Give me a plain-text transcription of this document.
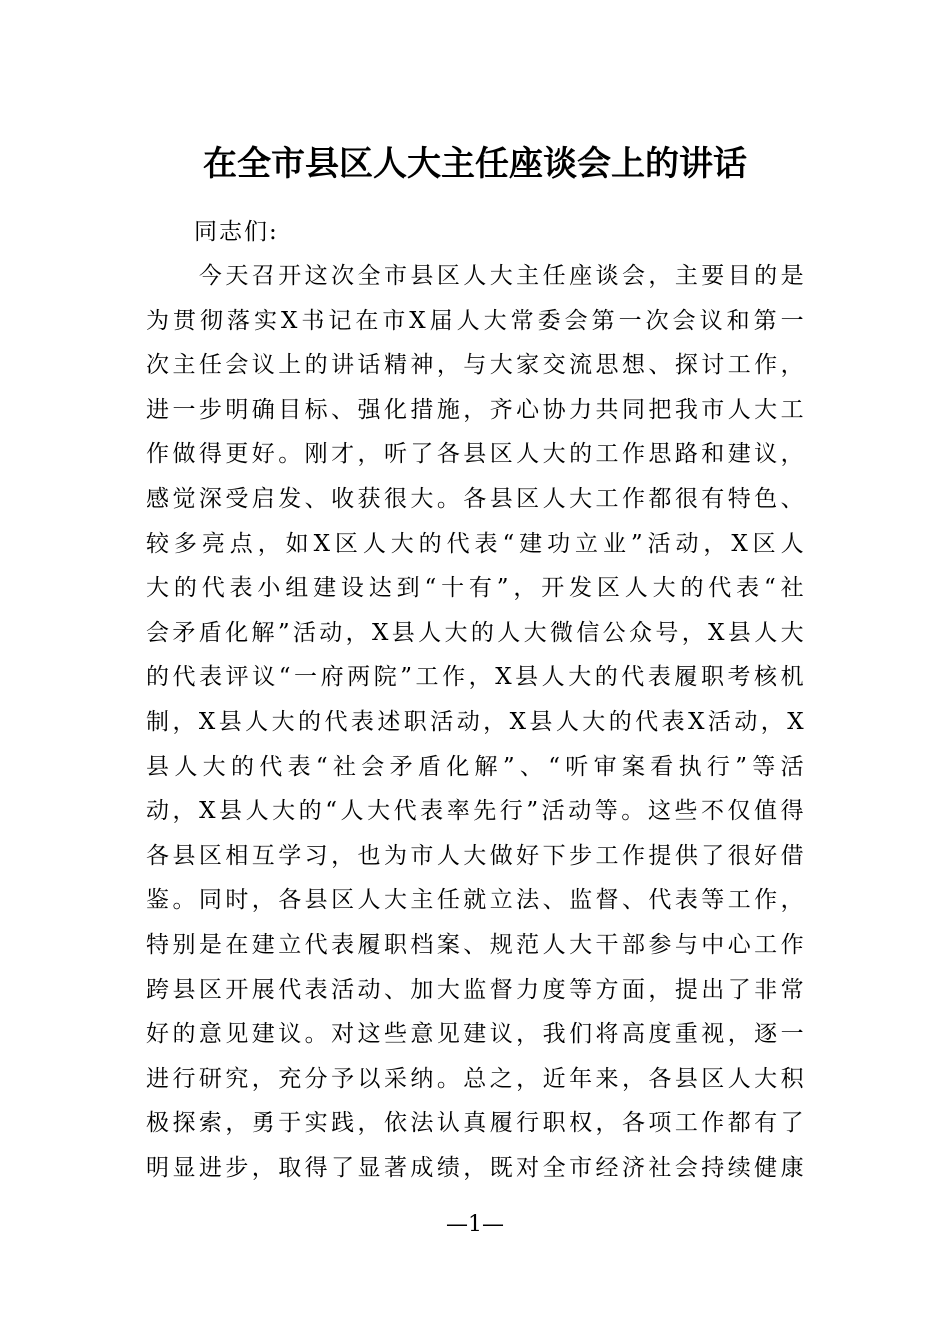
在全市县区人大主任座谈会上的讲话

同志们:

　　今天召开这次全市县区人大主任座谈会，主要目的是
为贯彻落实X书记在市X届人大常委会第一次会议和第一
次主任会议上的讲话精神，与大家交流思想、探讨工作，
进一步明确目标、强化措施，齐心协力共同把我市人大工
作做得更好。刚才，听了各县区人大的工作思路和建议，
感觉深受启发、收获很大。各县区人大工作都很有特色、
较多亮点，如X区人大的代表“建功立业”活动，X区人
大的代表小组建设达到“十有”，开发区人大的代表“社
会矛盾化解”活动，X县人大的人大微信公众号，X县人大
的代表评议“一府两院”工作，X县人大的代表履职考核机
制，X县人大的代表述职活动，X县人大的代表X活动，X
县人大的代表“社会矛盾化解”、“听审案看执行”等活
动，X县人大的“人大代表率先行”活动等。这些不仅值得
各县区相互学习，也为市人大做好下步工作提供了很好借
鉴。同时，各县区人大主任就立法、监督、代表等工作，
特别是在建立代表履职档案、规范人大干部参与中心工作
跨县区开展代表活动、加大监督力度等方面，提出了非常
好的意见建议。对这些意见建议，我们将高度重视，逐一
进行研究，充分予以采纳。总之，近年来，各县区人大积
极探索，勇于实践，依法认真履行职权，各项工作都有了
明显进步，取得了显著成绩，既对全市经济社会持续健康

—1—
